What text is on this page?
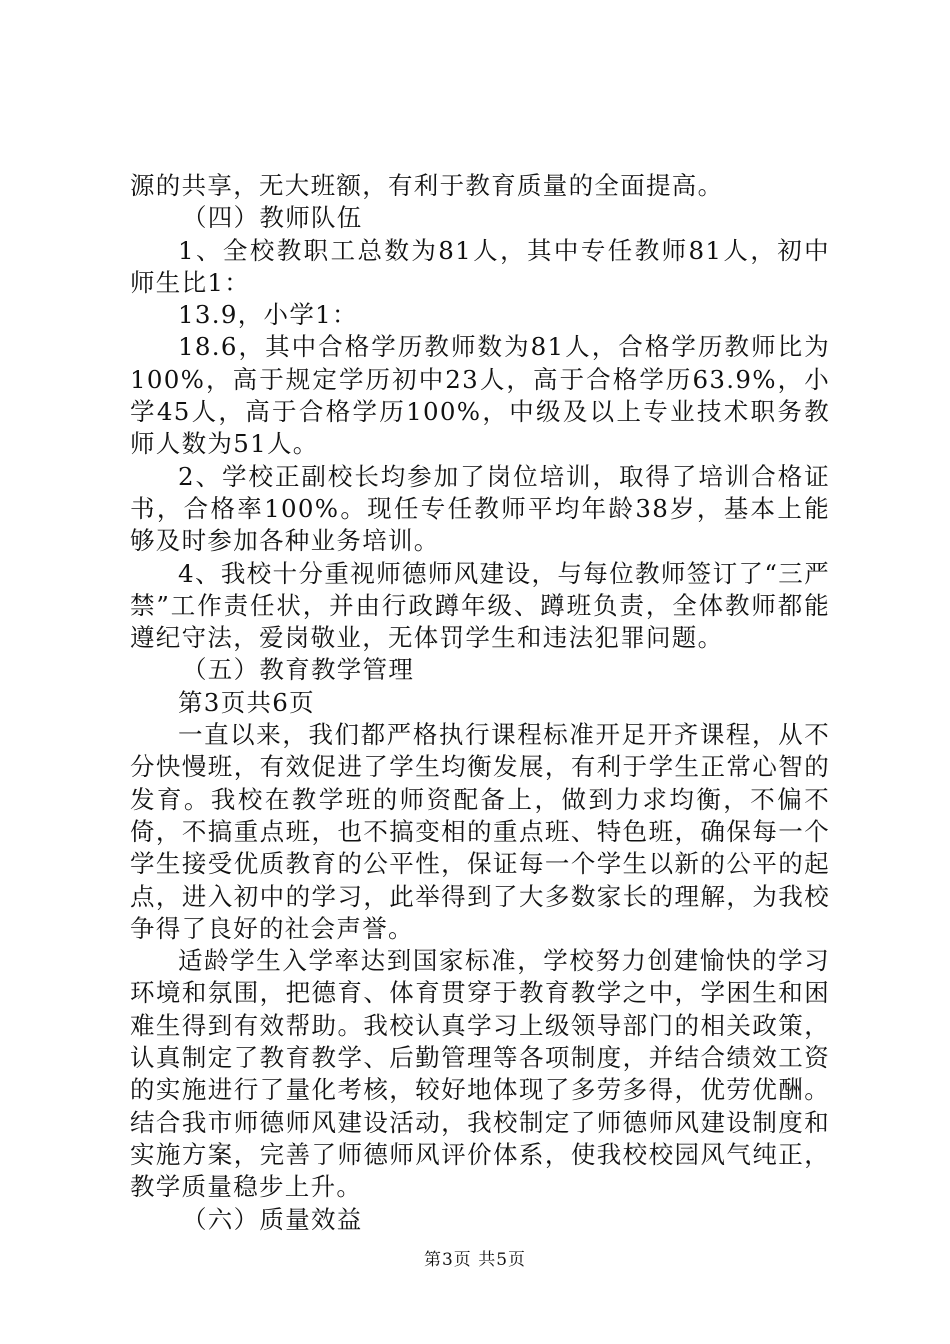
源的共享，无大班额，有利于教育质量的全面提高。

（四）教师队伍

1、全校教职工总数为81人，其中专任教师81人，初中师生比1：

13.9，小学1：

18.6，其中合格学历教师数为81人，合格学历教师比为100%，高于规定学历初中23人，高于合格学历63.9%，小学45人，高于合格学历100%，中级及以上专业技术职务教师人数为51人。

2、学校正副校长均参加了岗位培训，取得了培训合格证书，合格率100%。现任专任教师平均年龄38岁，基本上能够及时参加各种业务培训。

4、我校十分重视师德师风建设，与每位教师签订了“三严禁”工作责任状，并由行政蹲年级、蹲班负责，全体教师都能遵纪守法，爱岗敬业，无体罚学生和违法犯罪问题。

（五）教育教学管理

第3页共6页

一直以来，我们都严格执行课程标准开足开齐课程，从不分快慢班，有效促进了学生均衡发展，有利于学生正常心智的发育。我校在教学班的师资配备上，做到力求均衡，不偏不倚，不搞重点班，也不搞变相的重点班、特色班，确保每一个学生接受优质教育的公平性，保证每一个学生以新的公平的起点，进入初中的学习，此举得到了大多数家长的理解，为我校争得了良好的社会声誉。

适龄学生入学率达到国家标准，学校努力创建愉快的学习环境和氛围，把德育、体育贯穿于教育教学之中，学困生和困难生得到有效帮助。我校认真学习上级领导部门的相关政策，认真制定了教育教学、后勤管理等各项制度，并结合绩效工资的实施进行了量化考核，较好地体现了多劳多得，优劳优酬。结合我市师德师风建设活动，我校制定了师德师风建设制度和实施方案，完善了师德师风评价体系，使我校校园风气纯正，教学质量稳步上升。

（六）质量效益

第3页 共5页
